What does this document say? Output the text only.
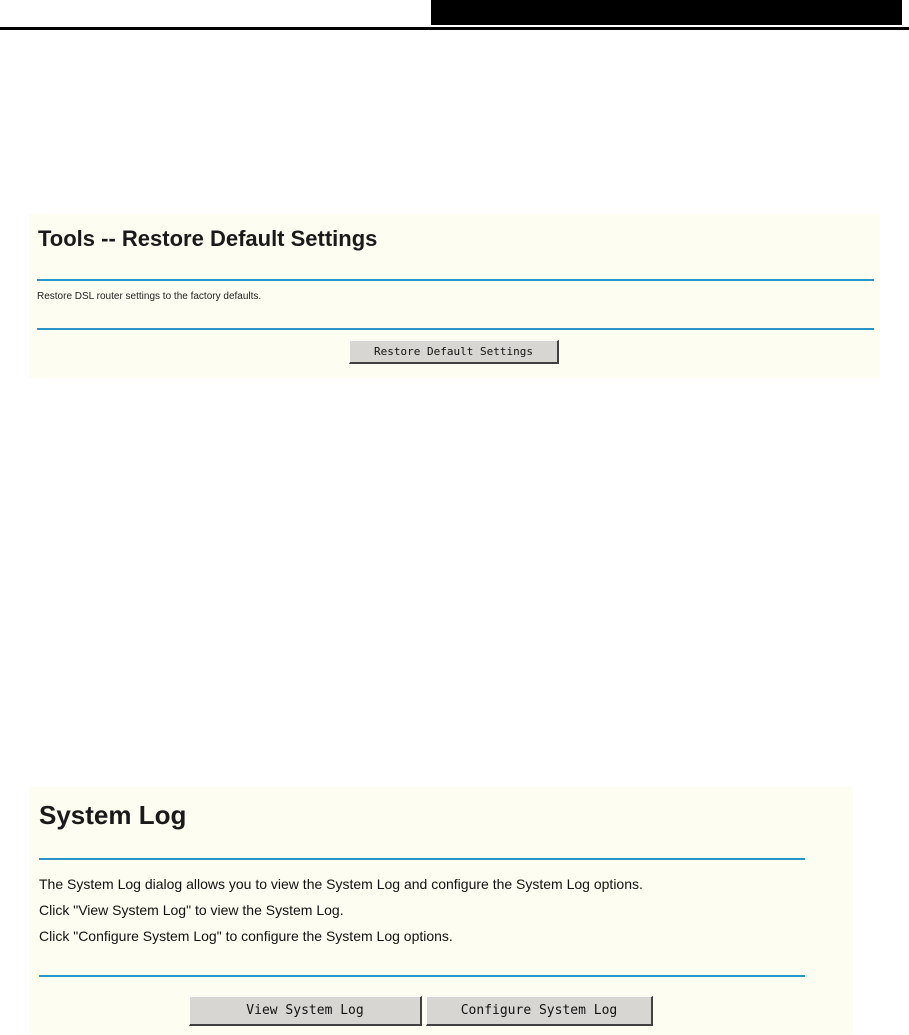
Tools -- Restore Default Settings
Restore DSL router settings to the factory defaults.
Restore Default Settings
System Log
The System Log dialog allows you to view the System Log and configure the System Log options.
Click "View System Log" to view the System Log.
Click "Configure System Log" to configure the System Log options.
View System Log	Configure System Log
